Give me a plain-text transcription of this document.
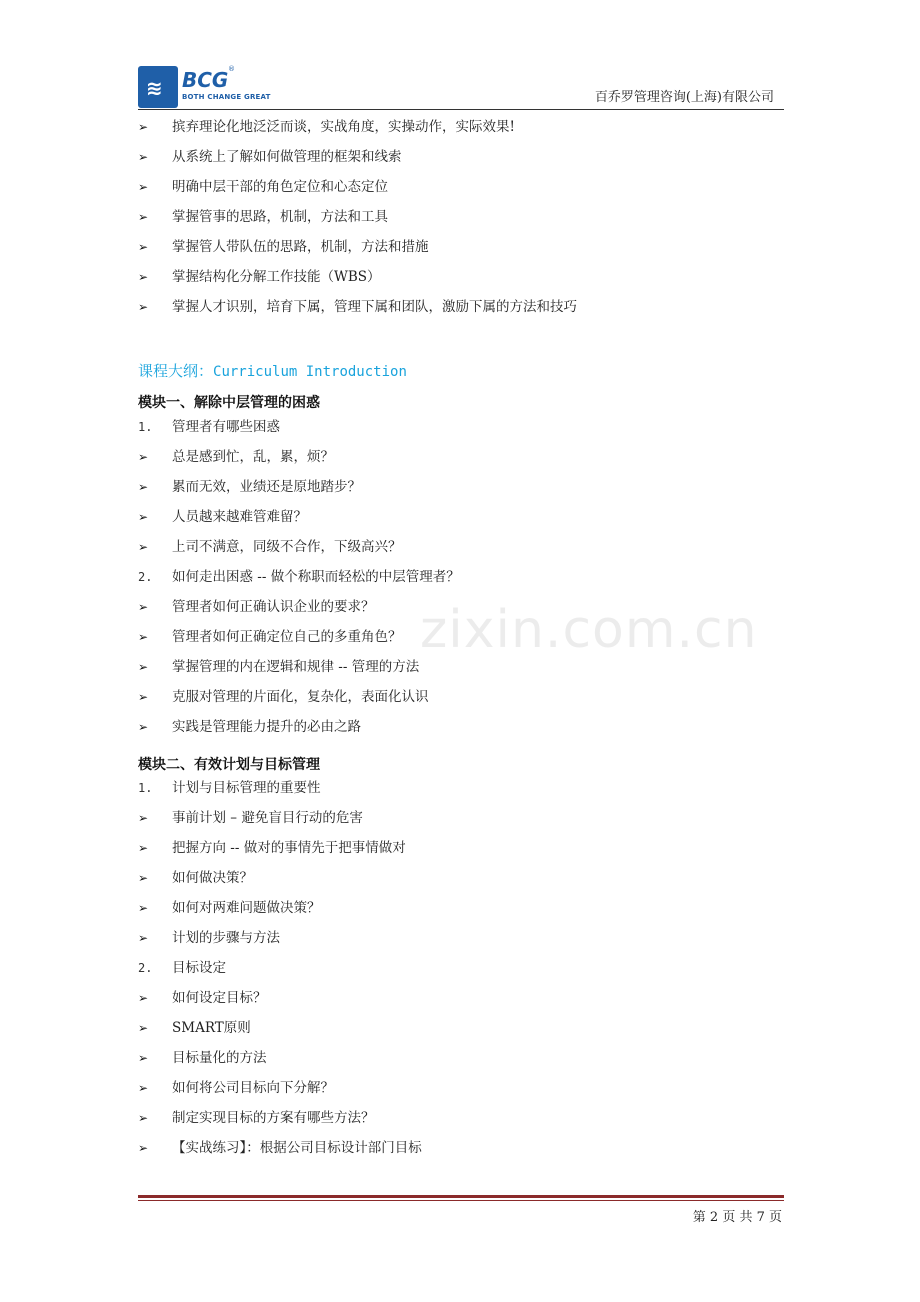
≋ BCG ®
BOTH CHANGE GREAT	百乔罗管理咨询(上海)有限公司
➢ 摈弃理论化地泛泛而谈，实战角度，实操动作，实际效果!
➢ 从系统上了解如何做管理的框架和线索
➢ 明确中层干部的角色定位和心态定位
➢ 掌握管事的思路，机制，方法和工具
➢ 掌握管人带队伍的思路，机制，方法和措施
➢ 掌握结构化分解工作技能（WBS）
➢ 掌握人才识别，培育下属，管理下属和团队，激励下属的方法和技巧
课程大纲：Curriculum Introduction
模块一、解除中层管理的困惑
1. 管理者有哪些困惑
➢ 总是感到忙，乱，累，烦？
➢ 累而无效，业绩还是原地踏步？
➢ 人员越来越难管难留？
➢ 上司不满意，同级不合作，下级高兴？
2. 如何走出困惑 -- 做个称职而轻松的中层管理者？
➢ 管理者如何正确认识企业的要求？
➢ 管理者如何正确定位自己的多重角色？
➢ 掌握管理的内在逻辑和规律 -- 管理的方法
➢ 克服对管理的片面化，复杂化，表面化认识
➢ 实践是管理能力提升的必由之路
模块二、有效计划与目标管理
1. 计划与目标管理的重要性
➢ 事前计划 – 避免盲目行动的危害
➢ 把握方向 -- 做对的事情先于把事情做对
➢ 如何做决策？
➢ 如何对两难问题做决策？
➢ 计划的步骤与方法
2. 目标设定
➢ 如何设定目标？
➢ SMART原则
➢ 目标量化的方法
➢ 如何将公司目标向下分解？
➢ 制定实现目标的方案有哪些方法？
➢ 【实战练习】：根据公司目标设计部门目标
zixin.com.cn
第 2 页 共 7 页
